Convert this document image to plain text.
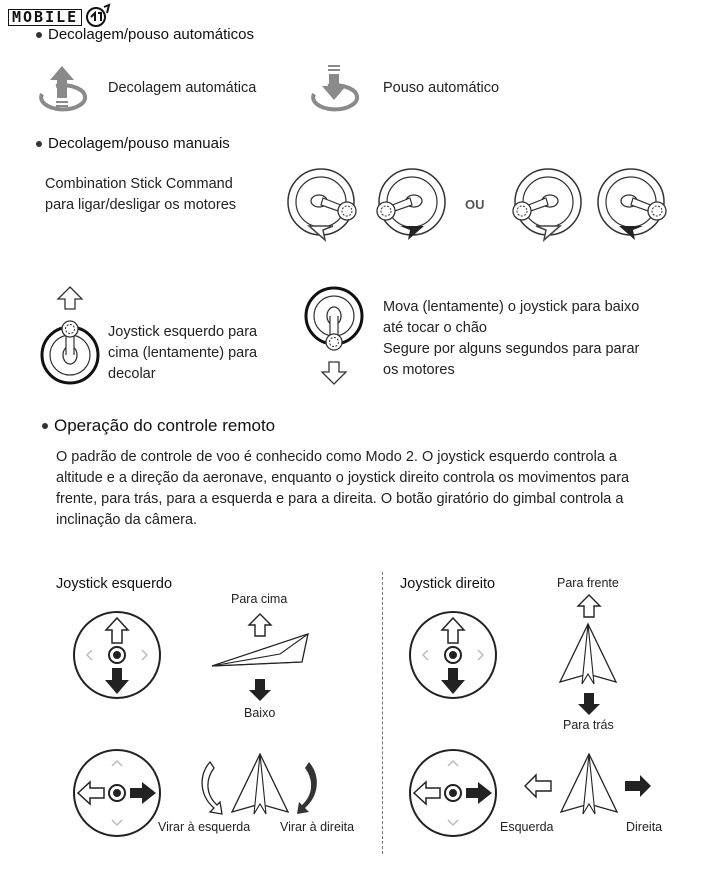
MOBILE
Decolagem/pouso automáticos
Decolagem automática	Pouso automático
Decolagem/pouso manuais
Combination Stick Command
para ligar/desligar os motores	OU
Joystick esquerdo para
cima (lentamente) para
decolar
Mova (lentamente) o joystick para baixo
até tocar o chão
Segure por alguns segundos para parar
os motores
Operação do controle remoto
O padrão de controle de voo é conhecido como Modo 2. O joystick esquerdo controla a
altitude e a direção da aeronave, enquanto o joystick direito controla os movimentos para
frente, para trás, para a esquerda e para a direita. O botão giratório do gimbal controla a
inclinação da câmera.
Joystick esquerdo
Para cima
Baixo
Virar à esquerda Virar à direita
Joystick direito	Para frente
Para trás
Esquerda	Direita
